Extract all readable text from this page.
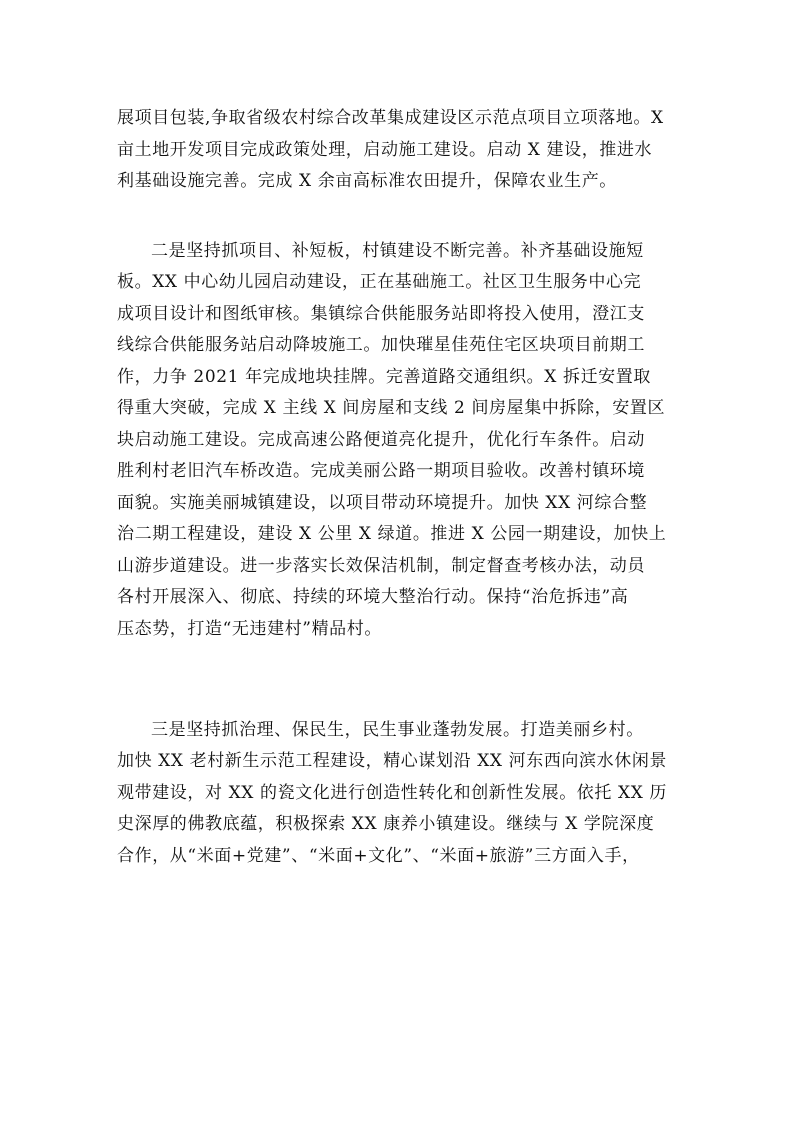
展项目包装,争取省级农村综合改革集成建设区示范点项目立项落地。X
亩土地开发项目完成政策处理，启动施工建设。启动 X 建设，推进水
利基础设施完善。完成 X 余亩高标准农田提升，保障农业生产。
二是坚持抓项目、补短板，村镇建设不断完善。补齐基础设施短
板。XX 中心幼儿园启动建设，正在基础施工。社区卫生服务中心完
成项目设计和图纸审核。集镇综合供能服务站即将投入使用，澄江支
线综合供能服务站启动降坡施工。加快璀星佳苑住宅区块项目前期工
作，力争 2021 年完成地块挂牌。完善道路交通组织。X 拆迁安置取
得重大突破，完成 X 主线 X 间房屋和支线 2 间房屋集中拆除，安置区
块启动施工建设。完成高速公路便道亮化提升，优化行车条件。启动
胜利村老旧汽车桥改造。完成美丽公路一期项目验收。改善村镇环境
面貌。实施美丽城镇建设，以项目带动环境提升。加快 XX 河综合整
治二期工程建设，建设 X 公里 X 绿道。推进 X 公园一期建设，加快上
山游步道建设。进一步落实长效保洁机制，制定督查考核办法，动员
各村开展深入、彻底、持续的环境大整治行动。保持“治危拆违”高
压态势，打造“无违建村”精品村。
三是坚持抓治理、保民生，民生事业蓬勃发展。打造美丽乡村。
加快 XX 老村新生示范工程建设，精心谋划沿 XX 河东西向滨水休闲景
观带建设，对 XX 的瓷文化进行创造性转化和创新性发展。依托 XX 历
史深厚的佛教底蕴，积极探索 XX 康养小镇建设。继续与 X 学院深度
合作，从“米面+党建”、“米面+文化”、“米面+旅游”三方面入手，
